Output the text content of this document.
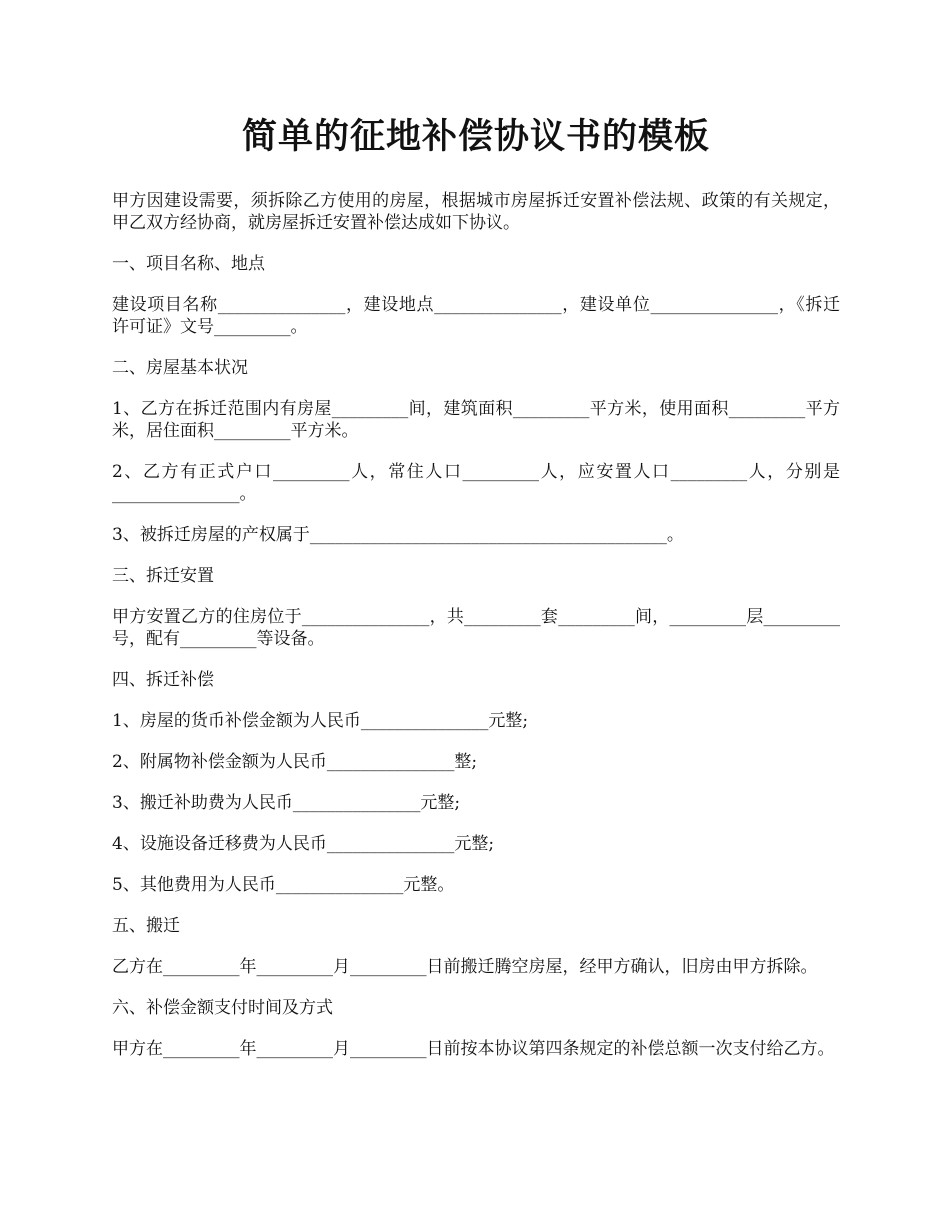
简单的征地补偿协议书的模板

甲方因建设需要，须拆除乙方使用的房屋，根据城市房屋拆迁安置补偿法规、政策的有关规定，甲乙双方经协商，就房屋拆迁安置补偿达成如下协议。

一、项目名称、地点

建设项目名称_______________，建设地点_______________，建设单位_______________，《拆迁许可证》文号_________。

二、房屋基本状况

1、乙方在拆迁范围内有房屋_________间，建筑面积_________平方米，使用面积_________平方米，居住面积_________平方米。

2、乙方有正式户口_________人，常住人口_________人，应安置人口_________人，分别是_______________。

3、被拆迁房屋的产权属于__________________________________________。

三、拆迁安置

甲方安置乙方的住房位于_______________，共_________套_________间，_________层_________号，配有_________等设备。

四、拆迁补偿

1、房屋的货币补偿金额为人民币_______________元整;

2、附属物补偿金额为人民币_______________整;

3、搬迁补助费为人民币_______________元整;

4、设施设备迁移费为人民币_______________元整;

5、其他费用为人民币_______________元整。

五、搬迁

乙方在_________年_________月_________日前搬迁腾空房屋，经甲方确认，旧房由甲方拆除。

六、补偿金额支付时间及方式

甲方在_________年_________月_________日前按本协议第四条规定的补偿总额一次支付给乙方。
